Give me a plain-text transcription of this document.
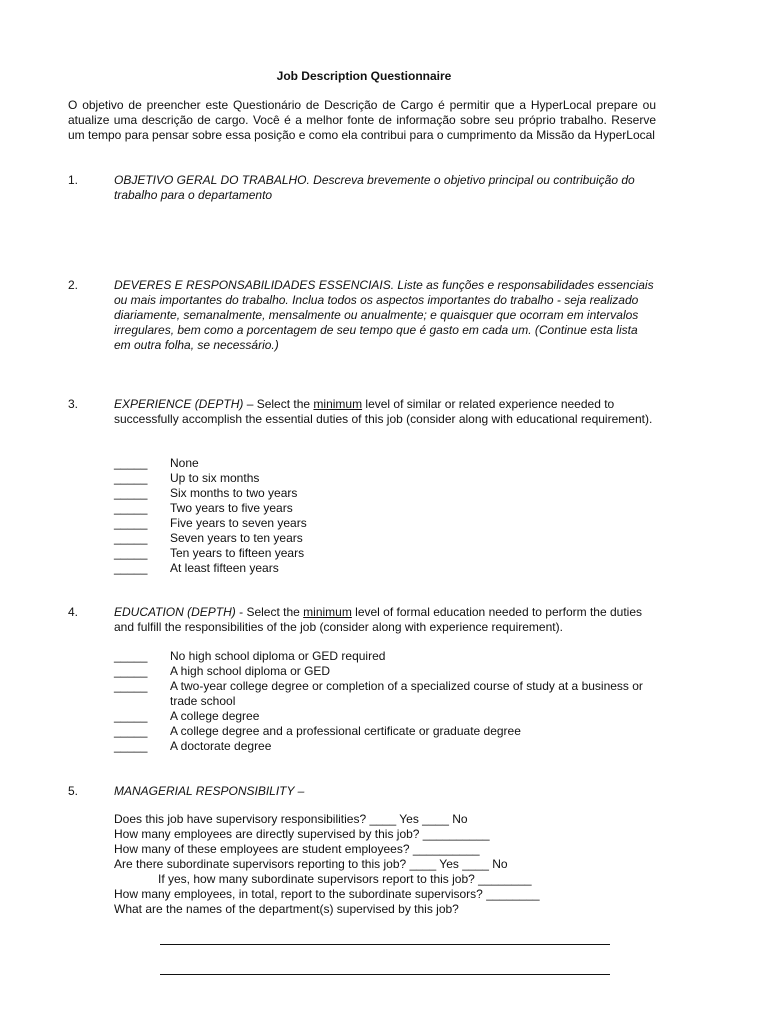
Job Description Questionnaire
O objetivo de preencher este Questionário de Descrição de Cargo é permitir que a HyperLocal prepare ou atualize uma descrição de cargo. Você é a melhor fonte de informação sobre seu próprio trabalho. Reserve um tempo para pensar sobre essa posição e como ela contribui para o cumprimento da Missão da HyperLocal
1.	OBJETIVO GERAL DO TRABALHO. Descreva brevemente o objetivo principal ou contribuição do trabalho para o departamento
2.	DEVERES E RESPONSABILIDADES ESSENCIAIS. Liste as funções e responsabilidades essenciais ou mais importantes do trabalho. Inclua todos os aspectos importantes do trabalho - seja realizado diariamente, semanalmente, mensalmente ou anualmente; e quaisquer que ocorram em intervalos irregulares, bem como a porcentagem de seu tempo que é gasto em cada um. (Continue esta lista em outra folha, se necessário.)
3.	EXPERIENCE (DEPTH) – Select the minimum level of similar or related experience needed to successfully accomplish the essential duties of this job (consider along with educational requirement).
_____	None
_____	Up to six months
_____	Six months to two years
_____	Two years to five years
_____	Five years to seven years
_____	Seven years to ten years
_____	Ten years to fifteen years
_____	At least fifteen years
4.	EDUCATION (DEPTH) - Select the minimum level of formal education needed to perform the duties and fulfill the responsibilities of the job (consider along with experience requirement).
_____	No high school diploma or GED required
_____	A high school diploma or GED
_____	A two-year college degree or completion of a specialized course of study at a business or trade school
_____	A college degree
_____	A college degree and a professional certificate or graduate degree
_____	A doctorate degree
5.	MANAGERIAL RESPONSIBILITY –
Does this job have supervisory responsibilities? ____ Yes ____ No
How many employees are directly supervised by this job? __________
How many of these employees are student employees? __________
Are there subordinate supervisors reporting to this job? ____ Yes ____ No
If yes, how many subordinate supervisors report to this job? ________
How many employees, in total, report to the subordinate supervisors? ________
What are the names of the department(s) supervised by this job?
